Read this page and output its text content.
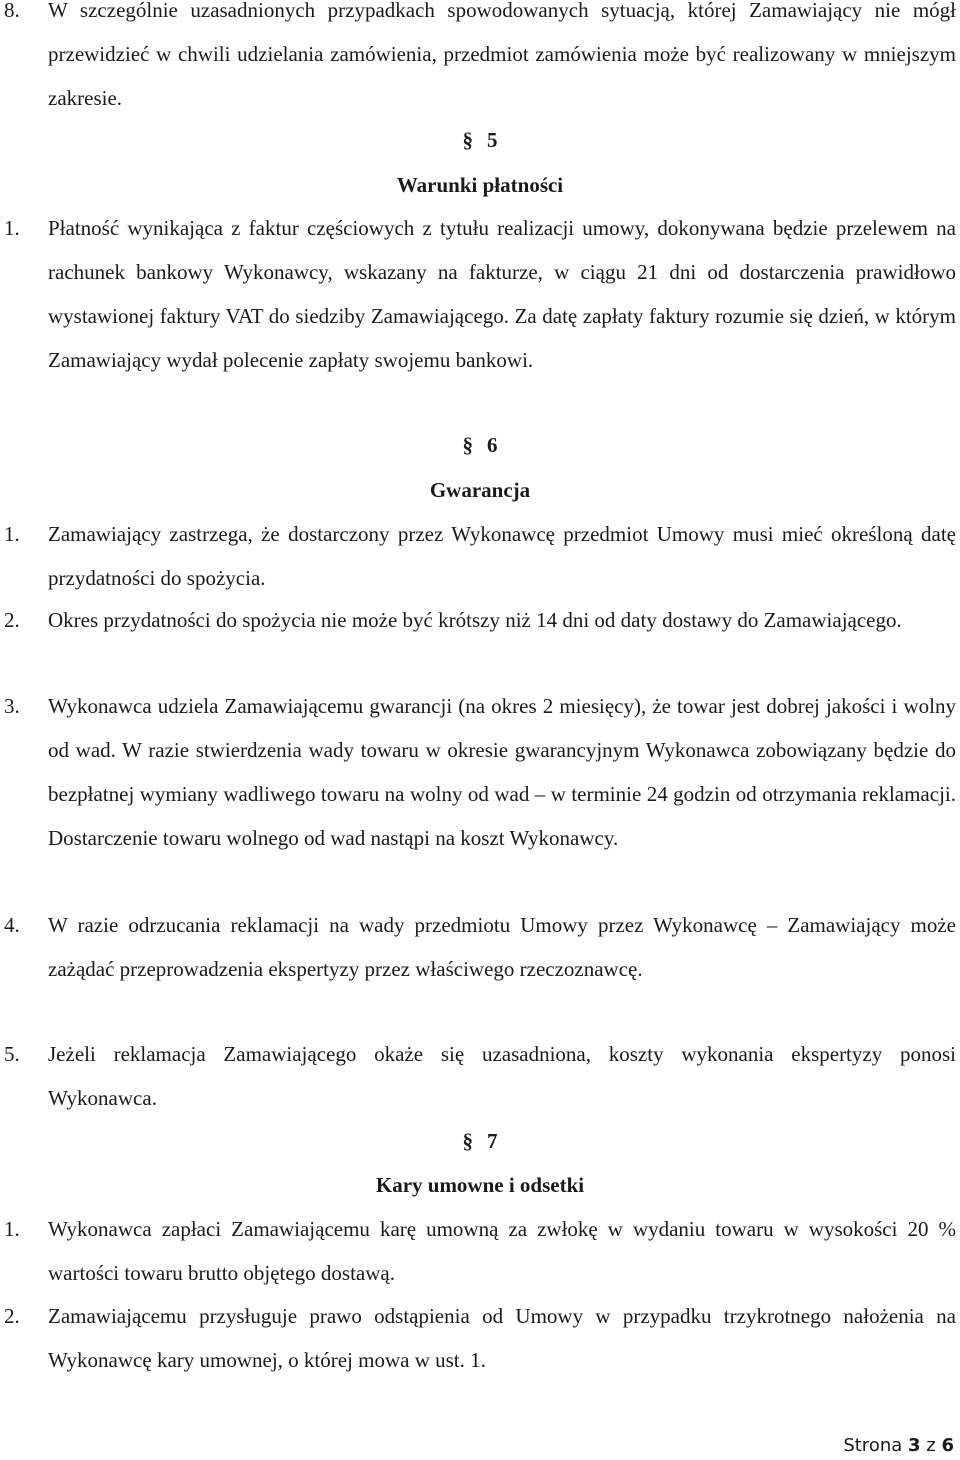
8. W szczególnie uzasadnionych przypadkach spowodowanych sytuacją, której Zamawiający nie mógł przewidzieć w chwili udzielania zamówienia, przedmiot zamówienia może być realizowany w mniejszym zakresie.
§ 5
Warunki płatności
1. Płatność wynikająca z faktur częściowych z tytułu realizacji umowy, dokonywana będzie przelewem na rachunek bankowy Wykonawcy, wskazany na fakturze, w ciągu 21 dni od dostarczenia prawidłowo wystawionej faktury VAT do siedziby Zamawiającego. Za datę zapłaty faktury rozumie się dzień, w którym Zamawiający wydał polecenie zapłaty swojemu bankowi.
§ 6
Gwarancja
1. Zamawiający zastrzega, że dostarczony przez Wykonawcę przedmiot Umowy musi mieć określoną datę przydatności do spożycia.
2. Okres przydatności do spożycia nie może być krótszy niż 14 dni od daty dostawy do Zamawiającego.
3. Wykonawca udziela Zamawiającemu gwarancji (na okres 2 miesięcy), że towar jest dobrej jakości i wolny od wad. W razie stwierdzenia wady towaru w okresie gwarancyjnym Wykonawca zobowiązany będzie do bezpłatnej wymiany wadliwego towaru na wolny od wad – w terminie 24 godzin od otrzymania reklamacji. Dostarczenie towaru wolnego od wad nastąpi na koszt Wykonawcy.
4. W razie odrzucania reklamacji na wady przedmiotu Umowy przez Wykonawcę – Zamawiający może zażądać przeprowadzenia ekspertyzy przez właściwego rzeczoznawcę.
5. Jeżeli reklamacja Zamawiającego okaże się uzasadniona, koszty wykonania ekspertyzy ponosi Wykonawca.
§ 7
Kary umowne i odsetki
1. Wykonawca zapłaci Zamawiającemu karę umowną za zwłokę w wydaniu towaru w wysokości 20 % wartości towaru brutto objętego dostawą.
2. Zamawiającemu przysługuje prawo odstąpienia od Umowy w przypadku trzykrotnego nałożenia na Wykonawcę kary umownej, o której mowa w ust. 1.
Strona 3 z 6
